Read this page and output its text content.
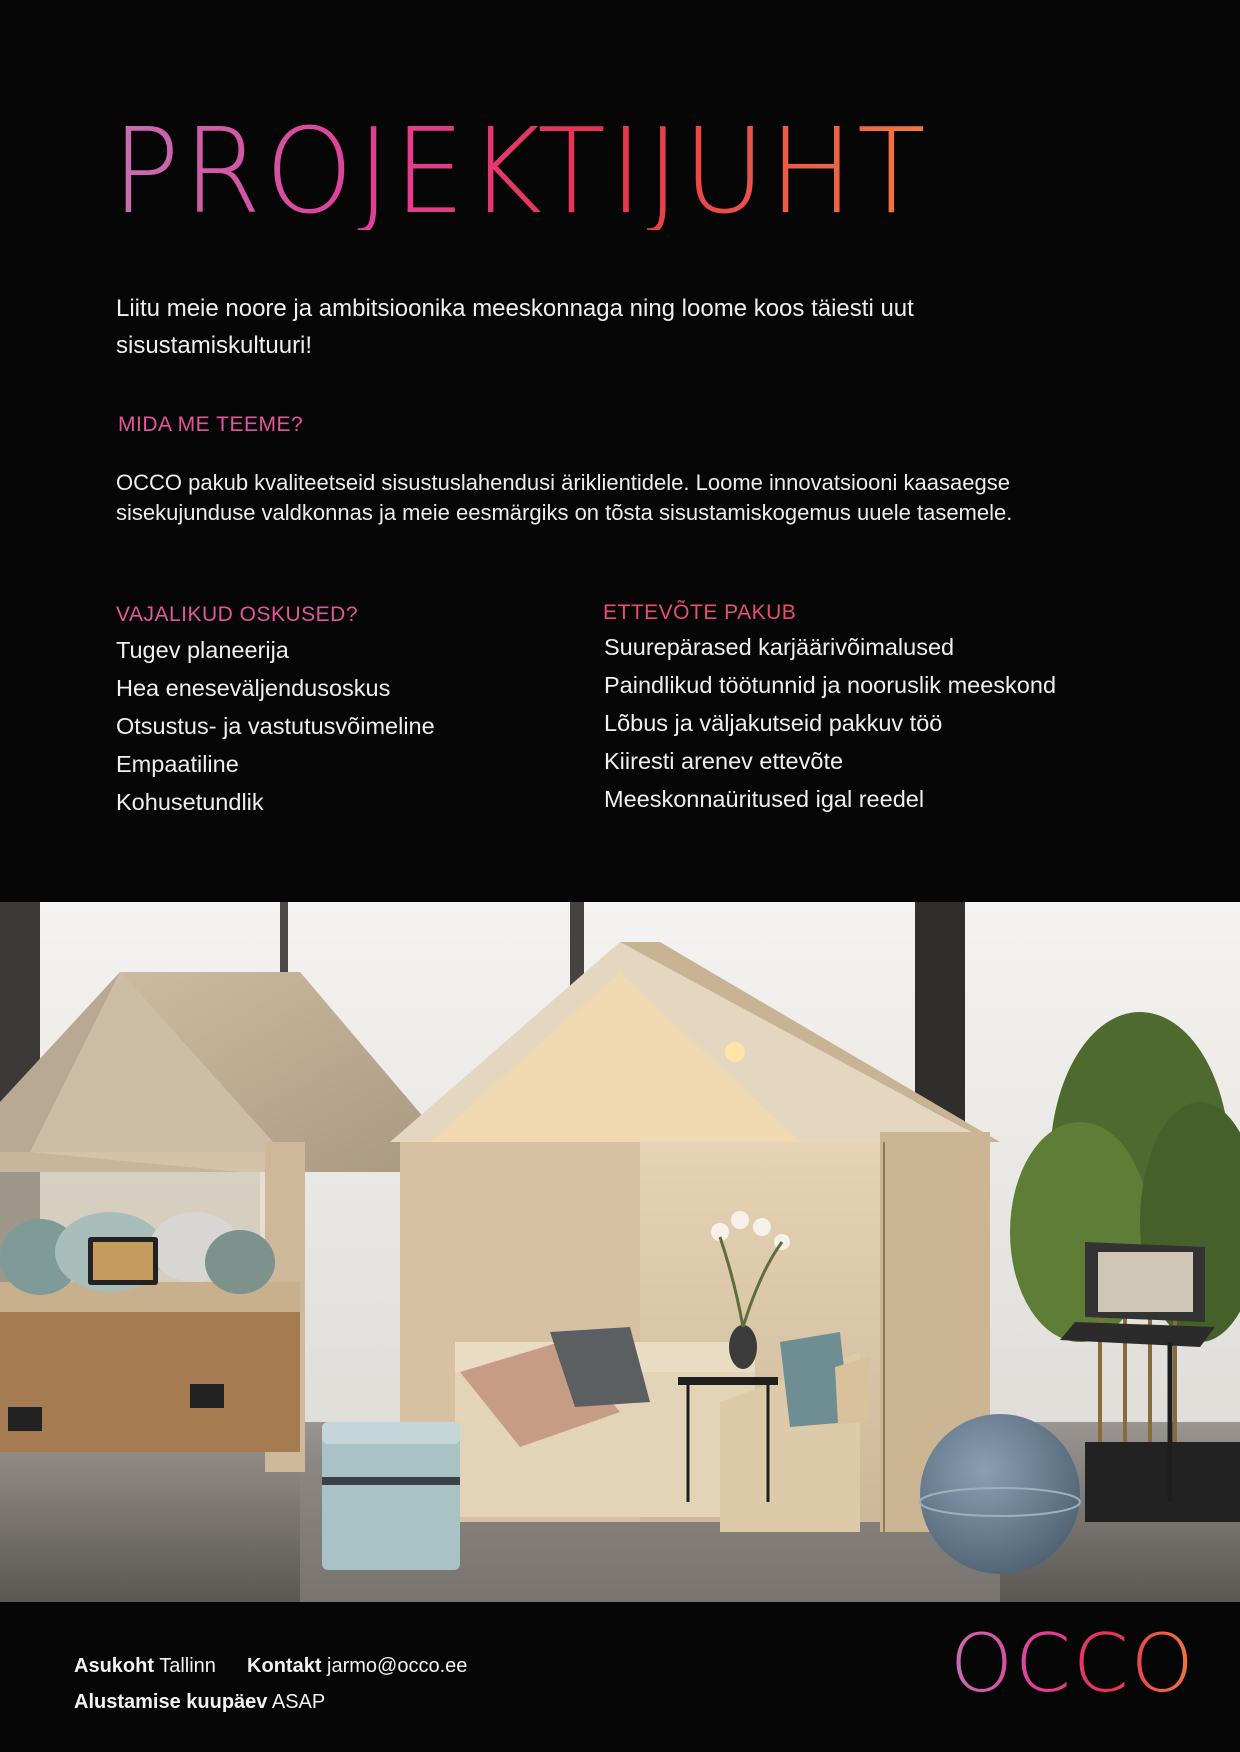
PROJEKTIJUHT
Liitu meie noore ja ambitsioonika meeskonnaga ning loome koos täiesti uut sisustamiskultuuri!
MIDA ME TEEME?
OCCO pakub kvaliteetseid sisustuslahendusi äriklientidele. Loome innovatsiooni kaasaegse sisekujunduse valdkonnas ja meie eesmärgiks on tõsta sisustamiskogemus uuele tasemele.
VAJALIKUD OSKUSED?
Tugev planeerija
Hea eneseväljendusoskus
Otsustus- ja vastutusvõimeline
Empaatiline
Kohusetundlik
ETTEVÕTE PAKUB
Suurepärased karjäärivõimalused
Paindlikud töötunnid ja nooruslik meeskond
Lõbus ja väljakutseid pakkuv töö
Kiiresti arenev ettevõte
Meeskonnaüritused igal reedel
Asukoht Tallinn Kontakt jarmo@occo.ee
Alustamise kuupäev ASAP	OCCO
